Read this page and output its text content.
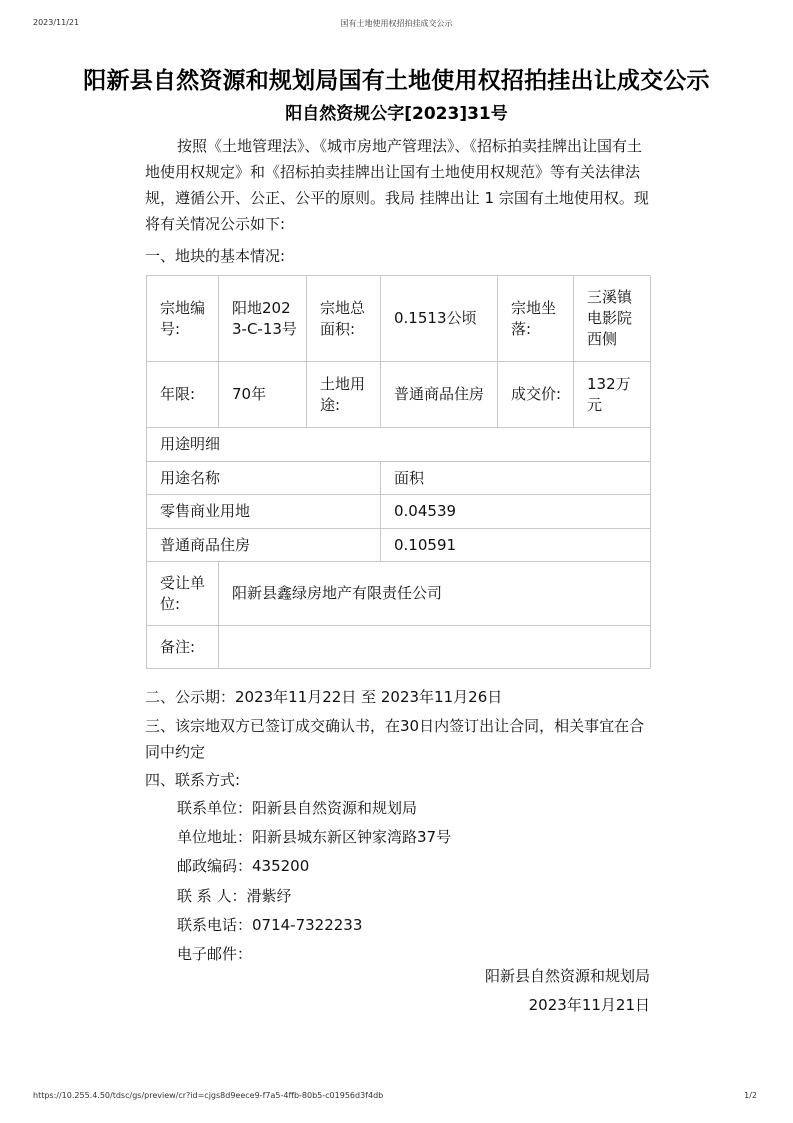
2023/11/21	国有土地使用权招拍挂成交公示
阳新县自然资源和规划局国有土地使用权招拍挂出让成交公示
阳自然资规公字[2023]31号
按照《土地管理法》、《城市房地产管理法》、《招标拍卖挂牌出让国有土地使用权规定》和《招标拍卖挂牌出让国有土地使用权规范》等有关法律法规，遵循公开、公正、公平的原则。我局 挂牌出让 1 宗国有土地使用权。现将有关情况公示如下:
一、地块的基本情况:
宗地编号:	阳地2023-C-13号	宗地总面积:	0.1513公顷	宗地坐落:	三溪镇电影院西侧
年限:	70年	土地用途:	普通商品住房	成交价:	132万元
用途明细					
用途名称			面积		
零售商业用地			0.04539		
普通商品住房			0.10591		
受让单位:	阳新县鑫绿房地产有限责任公司				
备注:					
二、公示期：2023年11月22日 至 2023年11月26日
三、该宗地双方已签订成交确认书，在30日内签订出让合同，相关事宜在合同中约定
四、联系方式:
联系单位：阳新县自然资源和规划局
单位地址：阳新县城东新区钟家湾路37号
邮政编码：435200
联 系 人：滑紫纾
联系电话：0714-7322233
电子邮件：
阳新县自然资源和规划局
2023年11月21日
https://10.255.4.50/tdsc/gs/preview/cr?id=cjgs8d9eece9-f7a5-4ffb-80b5-c01956d3f4db	1/2
